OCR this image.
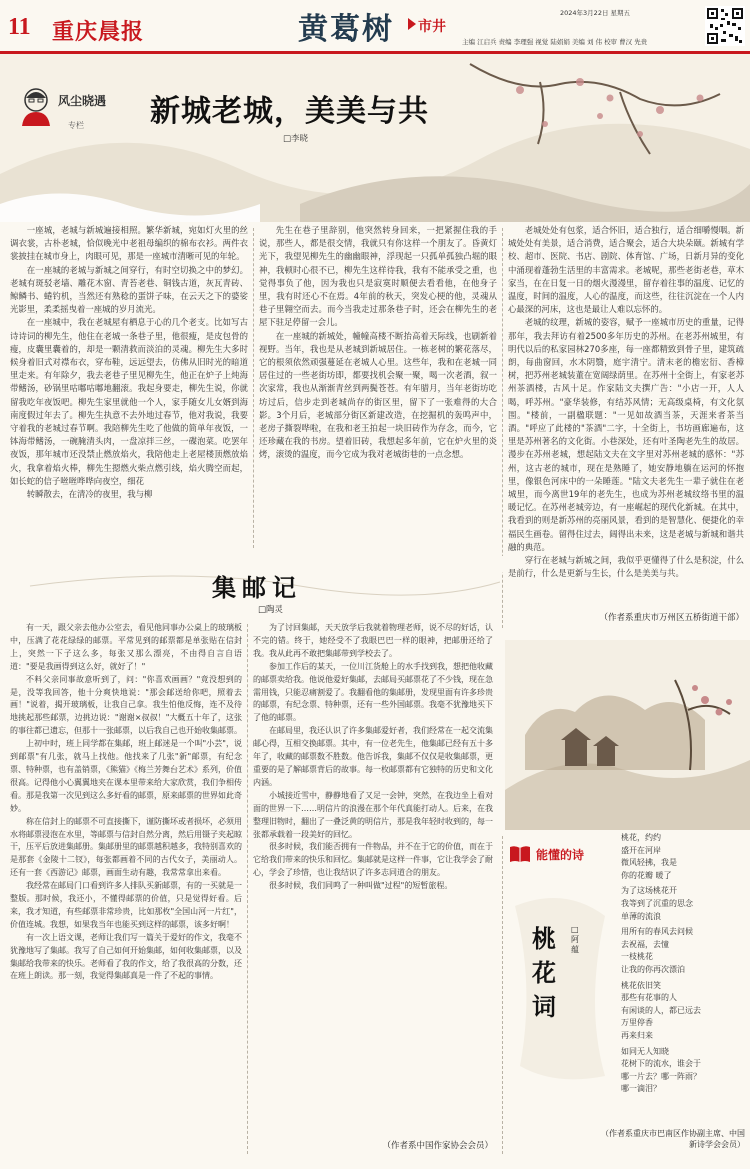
11 重庆晨报	黄葛树 市井
2024年3月22日 星期五
主编 江启兵 责编 李理强 视觉 陆娟娟 美编 刘 伟 校审 曹汉 先贵
风尘晓遇
专栏 新城老城，美美与共
□李晓

一座城，老城与新城遍接相照。繁华新城，宛如灯火里的丝调衣裳，古朴老城，恰似晚光中老祖母编织的棉布衣衫。两件衣裳披挂在城市身上，肉眼可见，那是一座城市清晰可见的年轮。

在一座城的老城与新城之间穿行，有时空切换之中的梦幻。老城有斑驳老墙、雕花木窗、青苔老巷、铜钱古道，灰瓦青砖、鲸鳞书、蜷钓机，当然还有熟稔的蛋饼子味，在云天之下的婆娑光影里，柔柔摇曳着一座城的岁月流光。

在一座城中，我在老城屋有栖息于心的几个老支。比如写古诗诗词的柳先生，他住在老城一条巷子里，他很瘦，是皮包骨的瘦，皮囊里囊着的，却是一颗清救而淡泊的灵魂。柳先生大多时候身着旧式对襟布衣，穿布鞋，远远望去，仿佛从旧时光的暗道里走来。有年除夕，我去老巷子里见柳先生，他正在炉子上炖海带鳍汤，砂锅里咕嘟咕嘟地翻滚。我起身要走，柳先生说，你就留我吃年夜饭吧。柳先生家里就他一个人，家手随女儿女婿到海南度假过年去了。柳先生执意不去外地过春节，他对我说，我要守着我的老城过春节啊。我陪柳先生吃了他做的简单年夜饭，一钵海带鳍汤，一碗腌清头肉，一盘凉拌三丝，一碟泡菜。吃罢年夜饭，那年城市还没禁止燃放焰火，我陪他走上老屋楼顶燃放焰火，我拿着焰火棒，柳先生摁燃火柴点燃引线，焰火腾空而起，如长蛇的信子咝咝哗哗向夜空，细花

转瞬散去，在清冷的夜里，我与柳

先生在巷子里辞别，他突然转身回来，一把紧握住我的手说，那些人，都是很交情，我就只有你这样一个朋友了。昏黄灯光下，我望见柳先生的幽幽眼神，浮现起一只孤单孤独凸堀的眼神，我顿时心很不已，柳先生这样待我，我有不能承受之重，也觉得事负了他，因为我也只是寂寞时顺便去看看他，在他身子里，我有时还心不在焉。4年前的秋天，突发心梗的他，灵魂从巷子里翱空而去。而今当我走过那条巷子时，还会在柳先生的老屋下驻足停留一会儿。

在一座城的新城处，幢幢高楼不断抬高着天际线，也刷新着视野。当年，我也是从老城到新城居住。一栋老树的繁花落尽，它的根须依然顽强蔓延在老城人心里。这些年，我和在老城一同居住过的一些老街坊即，都要找机会聚一聚，喝一次老酒，叙一次家常，我也从渐渐青丝到两鬓苍苍。有年腊月，当年老街坊吃坊过后，信步走到老城尚存的街区里，留下了一张难得的大合影。3个月后，老城部分街区新建改造，在挖掘机的轰鸣声中，老房子撕裂哗啦，在我和老王拍起一块旧砖作为存念，而今，它还珍藏在我的书房。望着旧砖，我想起多年前，它在炉火里的炎烤，滚烫的温度，而今它成为我对老城街巷的一点念想。

老城处处有包浆，适合怀旧，适合独行，适合细嚼慢咽。新城处处有美景，适合消费，适合聚会，适合大块朵颐。新城有学校、超市、医院、书店、剧院、体育馆、广场，日新月异的变化中涌现着蓬勃生活里的丰富需求。老城呢，那些老街老巷，草木家当，在在日复一日的烟火漫漫里，留存着往事的温度、记忆的温度，时间的温度，人心的温度，而这些，往往沉淀在一个人内心最深的河床，这也是最让人难以忘怀的。

老城的纹理，新城的姿容，赋予一座城市历史的重量，记得那年，我去拜访有着2500多年历史的苏州。在老苏州城里，有明代以后的私家园林270多座，每一座都精致到骨子里，建筑疏朗，每曲窗回，水木阴翳，庭宇清宁。清末老的檐宏衍、香樟树，把苏州老城装董在宽阔绿荫里。在苏州十全街上，有家老苏州茶酒楼，古风十足。作家陆文夫撰广告："小店一开，人人喝，呼苏州。"豪华装修，有结苏风情；无高级桌椅，有文化氛围。"楼前，一副楹联题："一见如故酒当茶，天涯来者茶当酒。"呼应了此楼的"茶酒"二字，十全街上，书坊画廊遍布，这里是苏州著名的文化街。小巷深处，还有叶圣陶老先生的故居。漫步在苏州老城，想起陆文夫在文字里对苏州老城的感怀："苏州，这古老的城市，现在是熟睡了，她安静地躺在运河的怀抱里，像银色河床中的一朵睡莲。"陆文夫老先生一辈子就住在老城里，而今离世19年的老先生，也成为苏州老城纹络书里的温暖记忆。在苏州老城旁边，有一座崛起的现代化新城。在其中，我看到的则是新苏州的亮丽风景，看到的是智慧化、便捷化的幸福民生画卷。留得住过去，阔得出未来，这是老城与新城和谐共融的典范。

穿行在老城与新城之间，我似乎更懂得了什么是积淀，什么是前行，什么是更新与生长，什么是美美与共。

（作者系重庆市万州区五桥街道干部）
集邮记
□陶灵

有一天，跟父亲去他办公室去，看见他同事办公桌上的玻璃板中，压满了花花绿绿的邮票。平常见到的邮票都是单张贴在信封上，突然一下子这么多，每张又那么漂亮，不由得自言自语道："要是我画得到这么好，就好了！"

不料父亲同事故意听到了，问："你喜欢画画？"竟没想到的是，没等我回答，他十分爽快地说："那会邮送给你吧，照着去画！"说着，揭开玻璃板，让我自己拿。我生怕他反悔，连不及待地挑起那些邮票，边挑边说："谢谢×叔叔！"大概五十年了，这张的事往都已遗忘，但那十一张邮票，以后我自己也开始收集邮票。

上初中时，班上同学都在集邮，班上邮迷是一个叫"小芸"，说到邮票"有几张，就马上找他。他找来了几张"新"邮票，有纪念票、特种票，也有盖销票，《熊猫》《梅兰芳舞台艺术》系列，价值很高。记得他小心翼翼地夹在课本里带来给大家欣赏，我们争相传看。那是我第一次见到这么多好看的邮票，原来邮票的世界如此奇妙。

称在信封上的邮票不可直接撕下，谨防撕坏或者损坏，必须用水将邮票浸泡在水里，等邮票与信封自然分离，然后用镊子夹起晾干，压平后放进集邮册。集邮册里的邮票越积越多，我特别喜欢的是那套《金陵十二钗》，每张都画着不同的古代女子，美丽动人。还有一套《西游记》邮票，画面生动有趣，我常常拿出来看。

我经常在邮局门口看到许多人排队买新邮票，有的一买就是一整版。那时候，我还小，不懂得邮票的价值，只是觉得好看。后来，我才知道，有些邮票非常珍贵，比如那枚"全国山河一片红"，价值连城。我想，如果我当年也能买到这样的邮票，该多好啊！

有一次上语文课，老师让我们写一篇关于爱好的作文，我毫不犹豫地写了集邮。我写了自己如何开始集邮，如何收集邮票，以及集邮给我带来的快乐。老师看了我的作文，给了我很高的分数，还在班上朗读。那一刻，我觉得集邮真是一件了不起的事情。

为了讨回集邮，天天放学后我就着物理老师，说不尽的好话，认不完的错。终于，她经受不了我眼巴巴一样的眼神，把邮册还给了我。我从此再不敢把集邮带到学校去了。

参加工作后的某天，一位川江货舱上的水手找到我，想把他收藏的邮票卖给我。他说他爱好集邮，去邮局买邮票花了不少钱，现在急需用钱，只能忍痛割爱了。我翻看他的集邮册，发现里面有许多珍贵的邮票，有纪念票、特种票，还有一些外国邮票。我毫不犹豫地买下了他的邮票。

在邮局里，我还认识了许多集邮爱好者，我们经常在一起交流集邮心得，互相交换邮票。其中，有一位老先生，他集邮已经有五十多年了，收藏的邮票数不胜数。他告诉我，集邮不仅仅是收集邮票，更重要的是了解邮票背后的故事。每一枚邮票都有它独特的历史和文化内涵。

小城接近雪中，静静地看了又足一会钟，突然，在我边坐上看对面的世界一下……明信片的浪漫在那个年代真能打动人。后来，在我整理旧物时，翻出了一叠泛黄的明信片，那是我年轻时收到的，每一张都承载着一段美好的回忆。

很多时候，我们能否拥有一件物品，并不在于它的价值，而在于它给我们带来的快乐和回忆。集邮就是这样一件事，它让我学会了耐心，学会了珍惜，也让我结识了许多志同道合的朋友。

很多时候，我们同鸣了一种叫做"过程"的短暂旅程。

（作者系中国作家协会会员）
能懂的诗
桃花词
□阿蕴

桃花，约约
盛开在河岸
微风轻拂，我是
你的花瓣 暖了

为了这场桃花开
我等到了沉重的思念
单薄的流浪

用所有的春风去问候
去祝福，去憧
一枝桃花
让我的你再次漂泊

桃花依旧笑
那些有花事的人
有闲谈的人，都已远去
万里停香
再来归来

如同无人知晓
花树下的流水，谁会于
哪一片去？哪一阵雨？
哪一滴泪？

（作者系重庆市巴南区作协副主席、中国新诗学会会员）
